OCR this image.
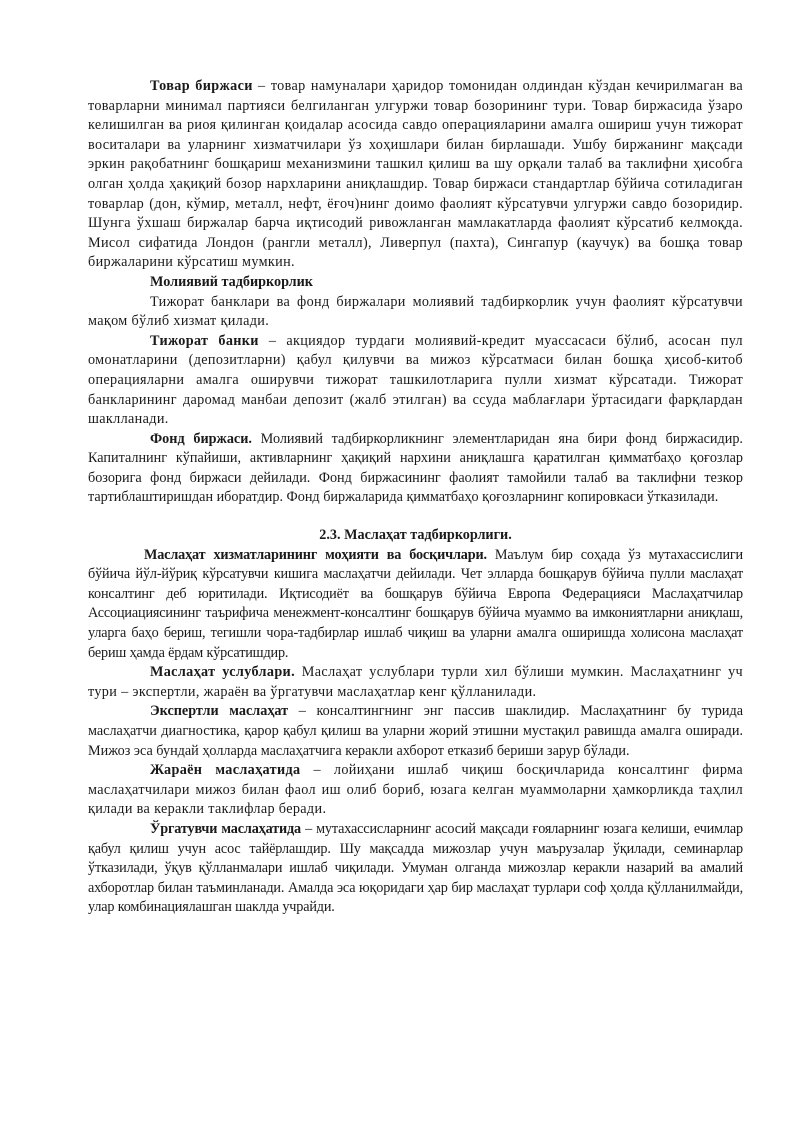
Товар биржаси – товар намуналари ҳаридор томонидан олдиндан кўздан кечирилмаган ва товарларни минимал партияси белгиланган улгуржи товар бозорининг тури. Товар биржасида ўзаро келишилган ва риоя қилинган қоидалар асосида савдо операцияларини амалга ошириш учун тижорат воситалари ва уларнинг хизматчилари ўз хоҳишлари билан бирлашади. Ушбу биржанинг мақсади эркин рақобатнинг бошқариш механизмини ташкил қилиш ва шу орқали талаб ва таклифни ҳисобга олган ҳолда ҳақиқий бозор нархларини аниқлашдир. Товар биржаси стандартлар бўйича сотиладиган товарлар (дон, кўмир, металл, нефт, ёғоч)нинг доимо фаолият кўрсатувчи улгуржи савдо бозоридир. Шунга ўхшаш биржалар барча иқтисодий ривожланган мамлакатларда фаолият кўрсатиб келмоқда. Мисол сифатида Лондон (рангли металл), Ливерпул (пахта), Сингапур (каучук) ва бошқа товар биржаларини кўрсатиш мумкин.

Молиявий тадбиркорлик

Тижорат банклари ва фонд биржалари молиявий тадбиркорлик учун фаолият кўрсатувчи мақом бўлиб хизмат қилади.

Тижорат банки – акциядор турдаги молиявий-кредит муассасаси бўлиб, асосан пул омонатларини (депозитларни) қабул қилувчи ва мижоз кўрсатмаси билан бошқа ҳисоб-китоб операцияларни амалга оширувчи тижорат ташкилотларига пулли хизмат кўрсатади. Тижорат банкларининг даромад манбаи депозит (жалб этилган) ва ссуда маблағлари ўртасидаги фарқлардан шаклланади.

Фонд биржаси. Молиявий тадбиркорликнинг элементларидан яна бири фонд биржасидир. Капиталнинг кўпайиши, активларнинг ҳақиқий нархини аниқлашга қаратилган қимматбаҳо қоғозлар бозорига фонд биржаси дейилади. Фонд биржасининг фаолият тамойили талаб ва таклифни тезкор тартиблаштиришдан иборатдир. Фонд биржаларида қимматбаҳо қоғозларнинг копировкаси ўтказилади.

2.3. Маслаҳат тадбиркорлиги.

Маслаҳат хизматларининг моҳияти ва босқичлари. Маълум бир соҳада ўз мутахассислиги бўйича йўл-йўриқ кўрсатувчи кишига маслаҳатчи дейилади. Чет элларда бошқарув бўйича пулли маслаҳат консалтинг деб юритилади. Иқтисодиёт ва бошқарув бўйича Европа Федерацияси Маслаҳатчилар Ассоциациясининг таърифича менежмент-консалтинг бошқарув бўйича муаммо ва имкониятларни аниқлаш, уларга баҳо бериш, тегишли чора-тадбирлар ишлаб чиқиш ва уларни амалга оширишда холисона маслаҳат бериш ҳамда ёрдам кўрсатишдир.

Маслаҳат услублари. Маслаҳат услублари турли хил бўлиши мумкин. Маслаҳатнинг уч тури – экспертли, жараён ва ўргатувчи маслаҳатлар кенг қўлланилади.

Экспертли маслаҳат – консалтингнинг энг пассив шаклидир. Маслаҳатнинг бу турида маслаҳатчи диагностика, қарор қабул қилиш ва уларни жорий этишни мустақил равишда амалга оширади. Мижоз эса бундай ҳолларда маслаҳатчига керакли ахборот етказиб бериши зарур бўлади.

Жараён маслаҳатида – лойиҳани ишлаб чиқиш босқичларида консалтинг фирма маслаҳатчилари мижоз билан фаол иш олиб бориб, юзага келган муаммоларни ҳамкорликда таҳлил қилади ва керакли таклифлар беради.

Ўргатувчи маслаҳатида – мутахассисларнинг асосий мақсади ғояларнинг юзага келиши, ечимлар қабул қилиш учун асос тайёрлашдир. Шу мақсадда мижозлар учун маърузалар ўқилади, семинарлар ўтказилади, ўқув қўлланмалари ишлаб чиқилади. Умуман олганда мижозлар керакли назарий ва амалий ахборотлар билан таъминланади. Амалда эса юқоридаги ҳар бир маслаҳат турлари соф ҳолда қўлланилмайди, улар комбинациялашган шаклда учрайди.
